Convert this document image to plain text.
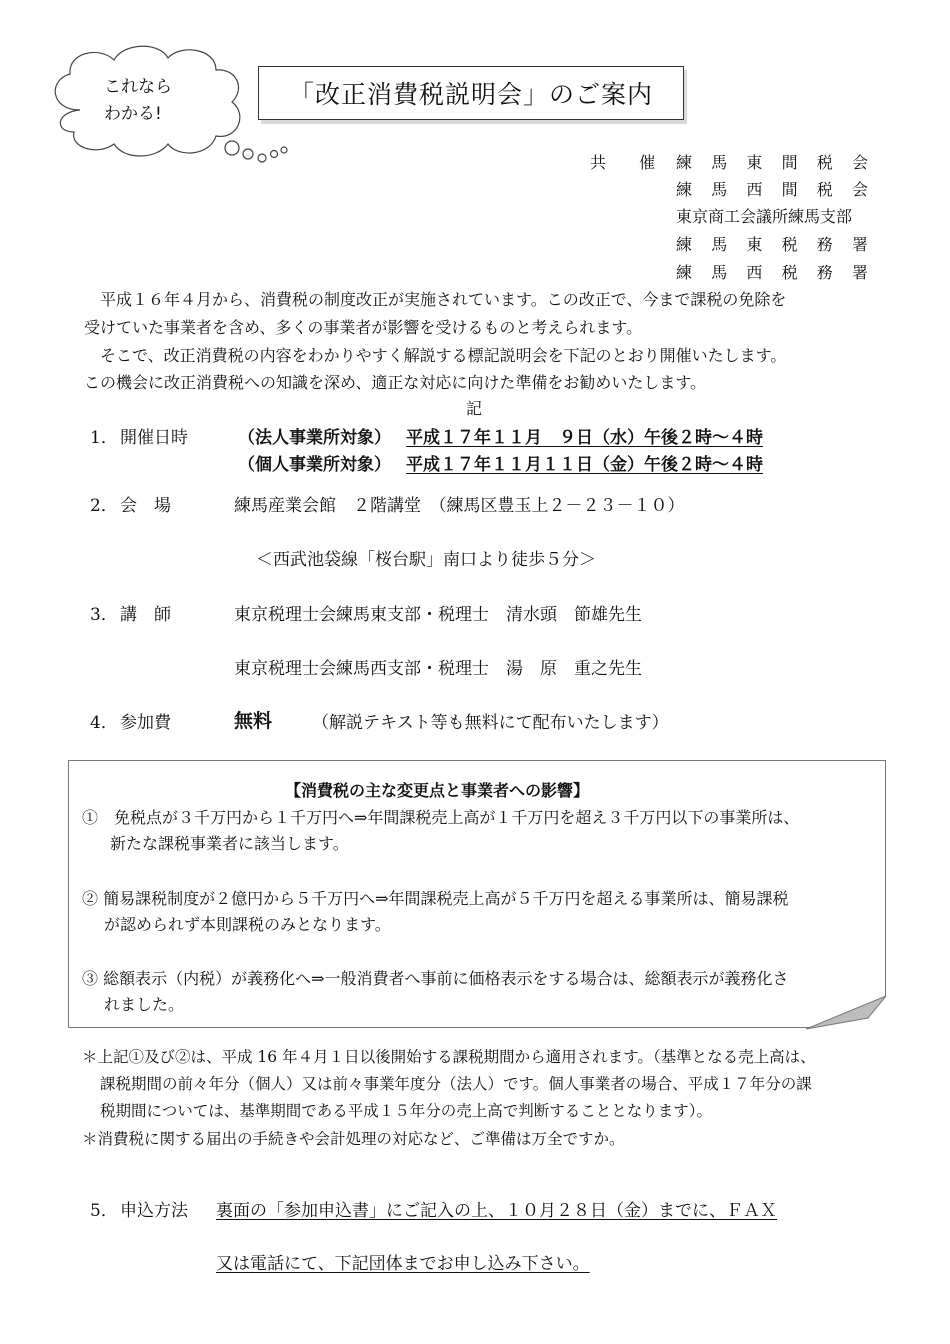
これなら
わかる!
「改正消費税説明会」のご案内
共 催 練 馬 東 間 税 会
練 馬 西 間 税 会
東京商工会議所練馬支部
練 馬 東 税 務 署
練 馬 西 税 務 署
平成１６年４月から、消費税の制度改正が実施されています。この改正で、今まで課税の免除を
受けていた事業者を含め、多くの事業者が影響を受けるものと考えられます。
そこで、改正消費税の内容をわかりやすく解説する標記説明会を下記のとおり開催いたします。
この機会に改正消費税への知識を深め、適正な対応に向けた準備をお勧めいたします。
記
1． 開催日時	（法人事業所対象） 平成１７年１１月　９日（水）午後２時～４時
（個人事業所対象） 平成１７年１１月１１日（金）午後２時～４時
2． 会　場	練馬産業会館　２階講堂　（練馬区豊玉上２－２３－１０）
＜西武池袋線「桜台駅」南口より徒歩５分＞
3． 講　師	東京税理士会練馬東支部・税理士　清水頭　節雄先生
東京税理士会練馬西支部・税理士　湯　原　重之先生
4． 参加費	無料 （解説テキスト等も無料にて配布いたします）
【消費税の主な変更点と事業者への影響】
①　免税点が３千万円から１千万円へ⇒年間課税売上高が１千万円を超え３千万円以下の事業所は、
新たな課税事業者に該当します。
② 簡易課税制度が２億円から５千万円へ⇒年間課税売上高が５千万円を超える事業所は、簡易課税
が認められず本則課税のみとなります。
③ 総額表示（内税）が義務化へ⇒一般消費者へ事前に価格表示をする場合は、総額表示が義務化さ
れました。
＊上記①及び②は、平成 16 年４月１日以後開始する課税期間から適用されます。（基準となる売上高は、
課税期間の前々年分（個人）又は前々事業年度分（法人）です。個人事業者の場合、平成１７年分の課
税期間については、基準期間である平成１５年分の売上高で判断することとなります）。
＊消費税に関する届出の手続きや会計処理の対応など、ご準備は万全ですか。
5． 申込方法 裏面の「参加申込書」にご記入の上、１０月２８日（金）までに、ＦＡＸ
又は電話にて、下記団体までお申し込み下さい。
